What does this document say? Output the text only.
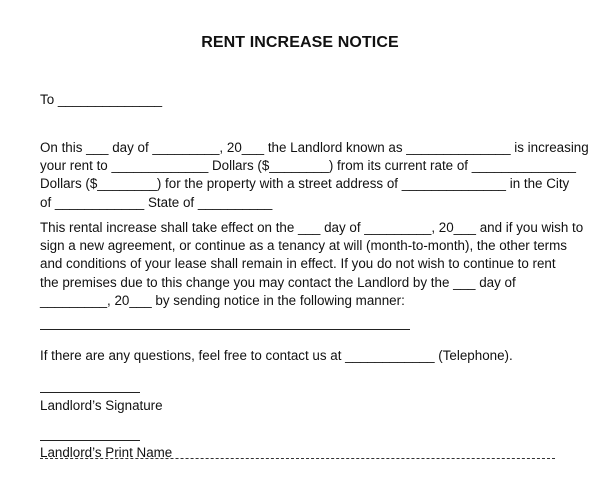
RENT INCREASE NOTICE
To ______________
On this ___ day of _________, 20___ the Landlord known as ______________ is increasing
your rent to _____________ Dollars ($________) from its current rate of ______________
Dollars ($________) for the property with a street address of ______________ in the City
of ____________ State of __________
This rental increase shall take effect on the ___ day of _________, 20___ and if you wish to
sign a new agreement, or continue as a tenancy at will (month-to-month), the other terms
and conditions of your lease shall remain in effect. If you do not wish to continue to rent
the premises due to this change you may contact the Landlord by the ___ day of
_________, 20___ by sending notice in the following manner:
If there are any questions, feel free to contact us at ____________ (Telephone).
Landlord’s Signature
Landlord’s Print Name
